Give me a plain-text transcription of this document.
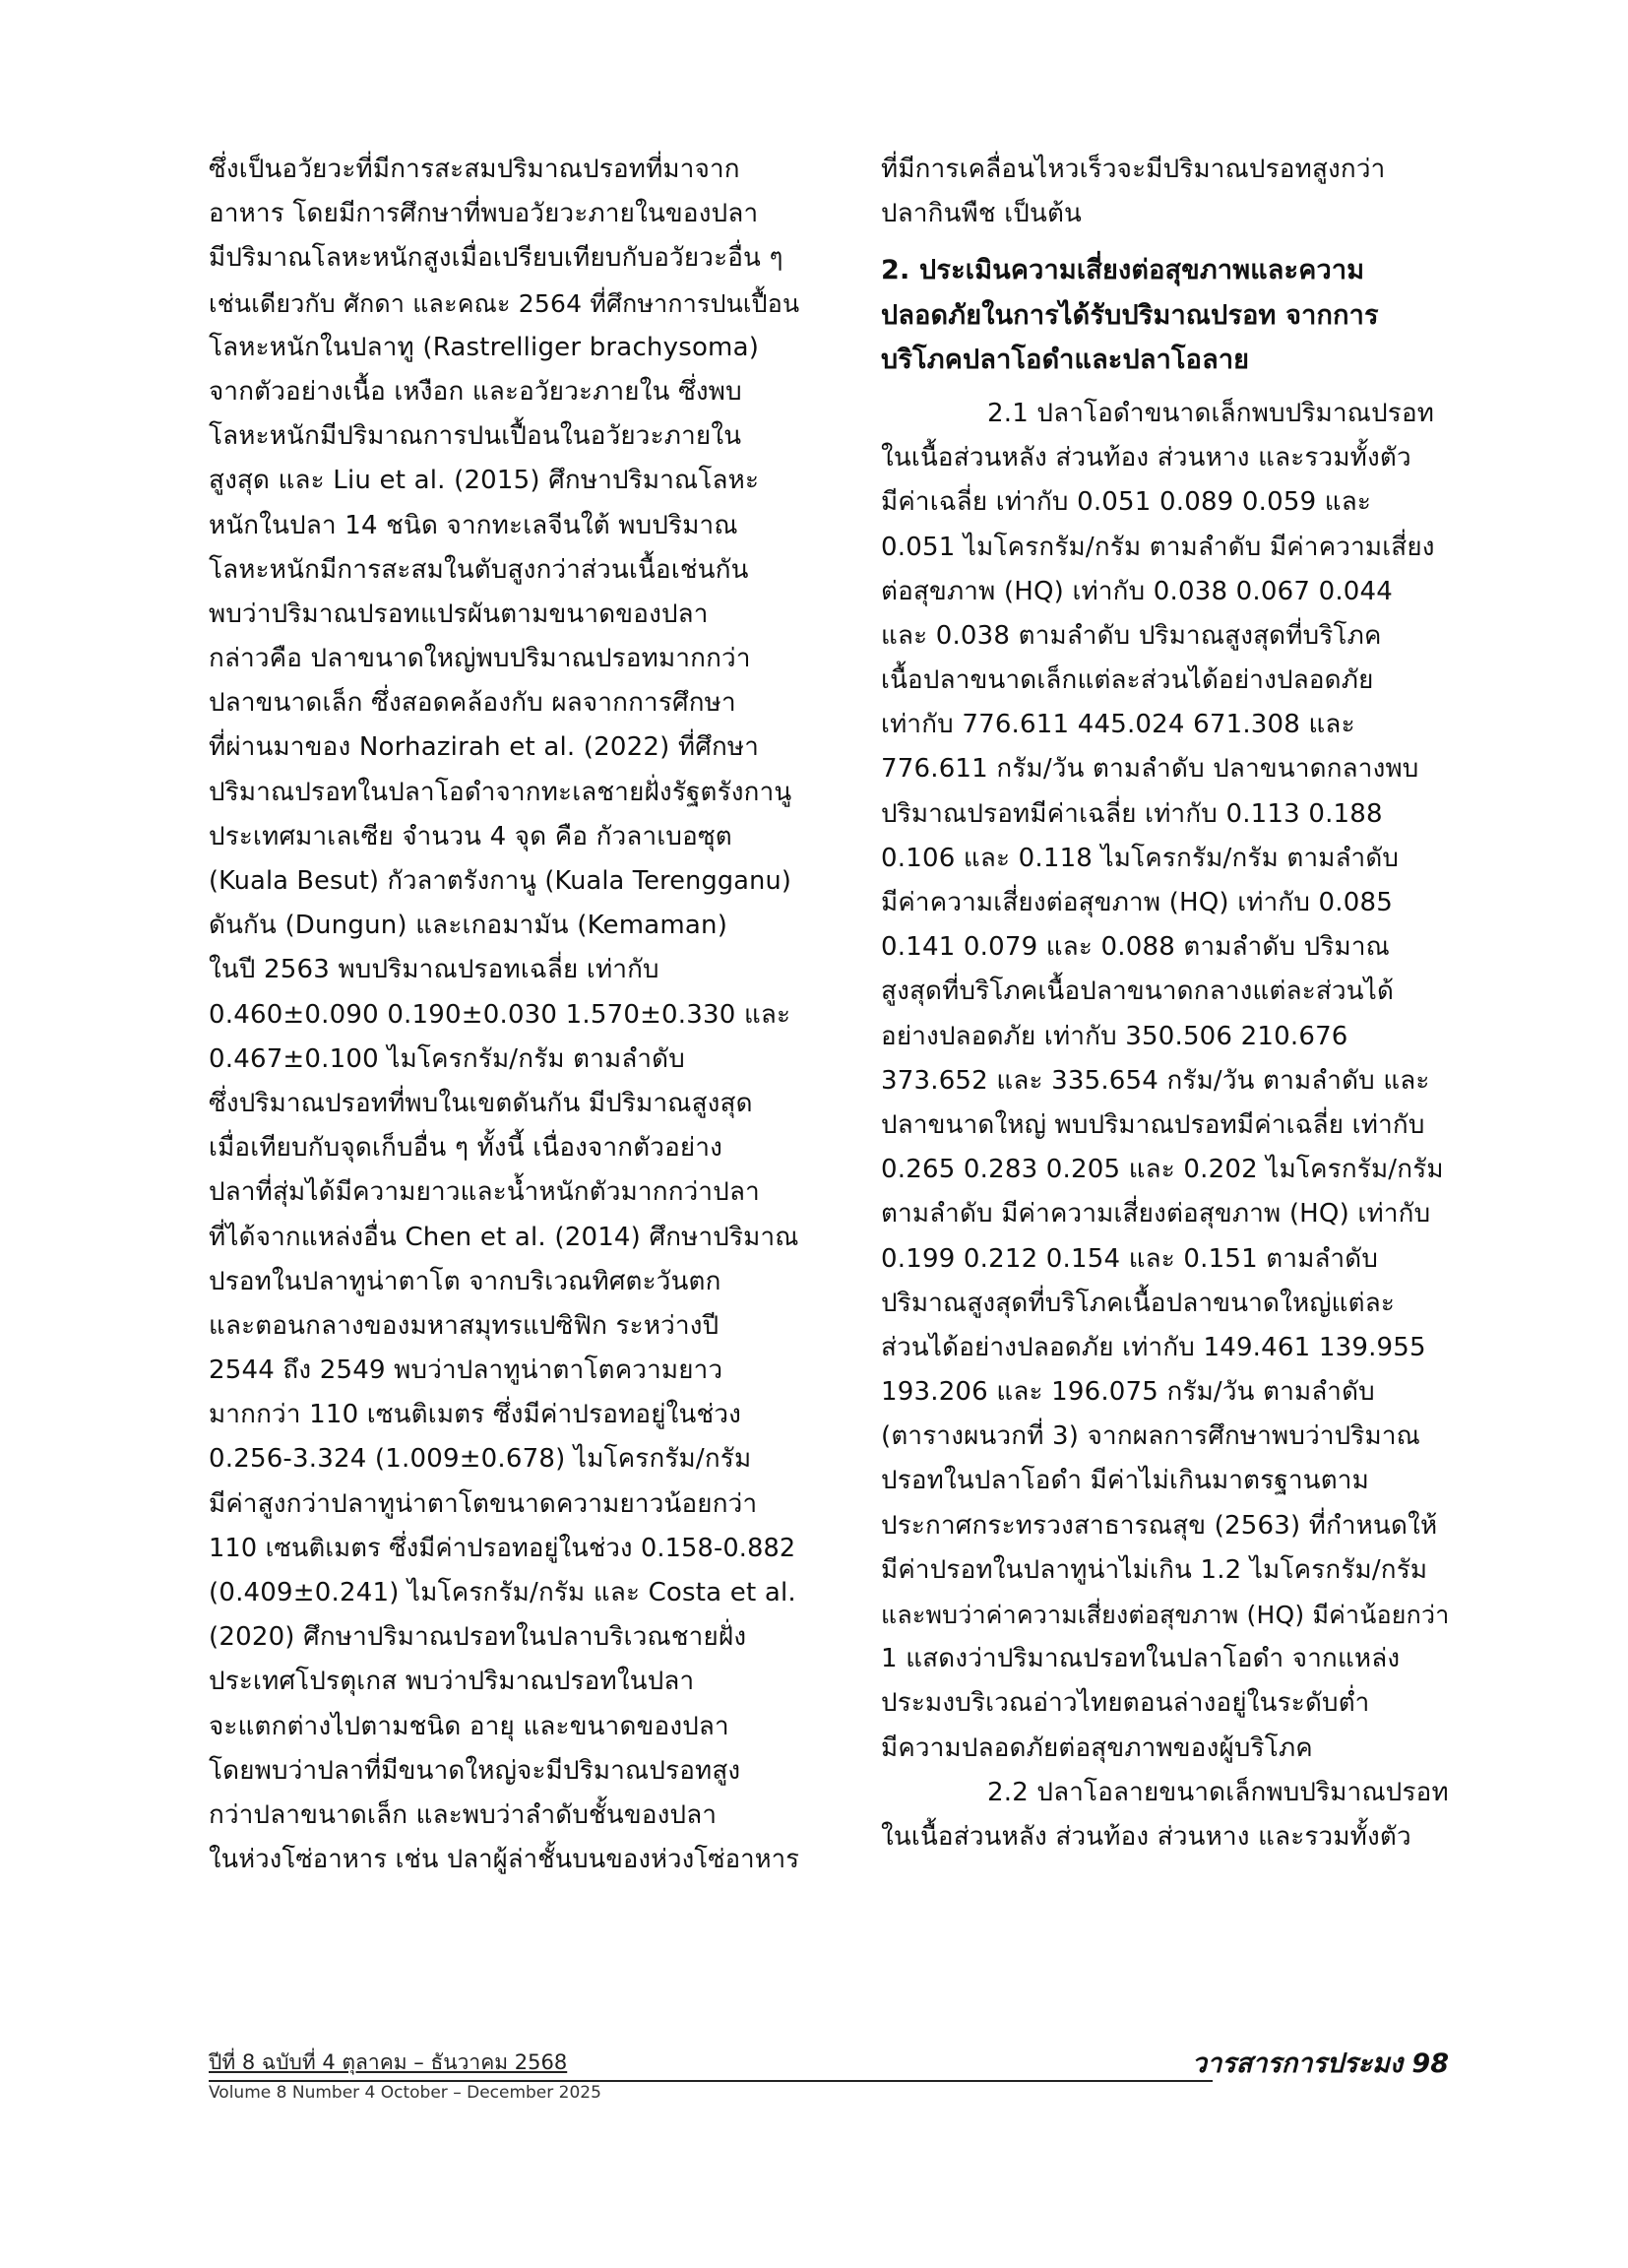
ซึ่งเป็นอวัยวะที่มีการสะสมปริมาณปรอทที่มาจาก
อาหาร โดยมีการศึกษาที่พบอวัยวะภายในของปลา
มีปริมาณโลหะหนักสูงเมื่อเปรียบเทียบกับอวัยวะอื่น ๆ
เช่นเดียวกับ ศักดา และคณะ 2564 ที่ศึกษาการปนเปื้อน
โลหะหนักในปลาทู (Rastrelliger brachysoma)
จากตัวอย่างเนื้อ เหงือก และอวัยวะภายใน ซึ่งพบ
โลหะหนักมีปริมาณการปนเปื้อนในอวัยวะภายใน
สูงสุด และ Liu et al. (2015) ศึกษาปริมาณโลหะ
หนักในปลา 14 ชนิด จากทะเลจีนใต้ พบปริมาณ
โลหะหนักมีการสะสมในตับสูงกว่าส่วนเนื้อเช่นกัน
พบว่าปริมาณปรอทแปรผันตามขนาดของปลา
กล่าวคือ ปลาขนาดใหญ่พบปริมาณปรอทมากกว่า
ปลาขนาดเล็ก ซึ่งสอดคล้องกับ ผลจากการศึกษา
ที่ผ่านมาของ Norhazirah et al. (2022) ที่ศึกษา
ปริมาณปรอทในปลาโอดำจากทะเลชายฝั่งรัฐตรังกานู
ประเทศมาเลเซีย จำนวน 4 จุด คือ กัวลาเบอซุต
(Kuala Besut) กัวลาตรังกานู (Kuala Terengganu)
ดันกัน (Dungun) และเกอมามัน (Kemaman)
ในปี 2563 พบปริมาณปรอทเฉลี่ย เท่ากับ
0.460±0.090 0.190±0.030 1.570±0.330 และ
0.467±0.100 ไมโครกรัม/กรัม ตามลำดับ
ซึ่งปริมาณปรอทที่พบในเขตดันกัน มีปริมาณสูงสุด
เมื่อเทียบกับจุดเก็บอื่น ๆ ทั้งนี้ เนื่องจากตัวอย่าง
ปลาที่สุ่มได้มีความยาวและน้ำหนักตัวมากกว่าปลา
ที่ได้จากแหล่งอื่น Chen et al. (2014) ศึกษาปริมาณ
ปรอทในปลาทูน่าตาโต จากบริเวณทิศตะวันตก
และตอนกลางของมหาสมุทรแปซิฟิก ระหว่างปี
2544 ถึง 2549 พบว่าปลาทูน่าตาโตความยาว
มากกว่า 110 เซนติเมตร ซึ่งมีค่าปรอทอยู่ในช่วง
0.256-3.324 (1.009±0.678) ไมโครกรัม/กรัม
มีค่าสูงกว่าปลาทูน่าตาโตขนาดความยาวน้อยกว่า
110 เซนติเมตร ซึ่งมีค่าปรอทอยู่ในช่วง 0.158-0.882
(0.409±0.241) ไมโครกรัม/กรัม และ Costa et al.
(2020) ศึกษาปริมาณปรอทในปลาบริเวณชายฝั่ง
ประเทศโปรตุเกส พบว่าปริมาณปรอทในปลา
จะแตกต่างไปตามชนิด อายุ และขนาดของปลา
โดยพบว่าปลาที่มีขนาดใหญ่จะมีปริมาณปรอทสูง
กว่าปลาขนาดเล็ก และพบว่าลำดับชั้นของปลา
ในห่วงโซ่อาหาร เช่น ปลาผู้ล่าชั้นบนของห่วงโซ่อาหาร
ที่มีการเคลื่อนไหวเร็วจะมีปริมาณปรอทสูงกว่า
ปลากินพืช เป็นต้น
2. ประเมินความเสี่ยงต่อสุขภาพและความ
ปลอดภัยในการได้รับปริมาณปรอท จากการ
บริโภคปลาโอดำและปลาโอลาย
2.1 ปลาโอดำขนาดเล็กพบปริมาณปรอท
ในเนื้อส่วนหลัง ส่วนท้อง ส่วนหาง และรวมทั้งตัว
มีค่าเฉลี่ย เท่ากับ 0.051 0.089 0.059 และ
0.051 ไมโครกรัม/กรัม ตามลำดับ มีค่าความเสี่ยง
ต่อสุขภาพ (HQ) เท่ากับ 0.038 0.067 0.044
และ 0.038 ตามลำดับ ปริมาณสูงสุดที่บริโภค
เนื้อปลาขนาดเล็กแต่ละส่วนได้อย่างปลอดภัย
เท่ากับ 776.611 445.024 671.308 และ
776.611 กรัม/วัน ตามลำดับ ปลาขนาดกลางพบ
ปริมาณปรอทมีค่าเฉลี่ย เท่ากับ 0.113 0.188
0.106 และ 0.118 ไมโครกรัม/กรัม ตามลำดับ
มีค่าความเสี่ยงต่อสุขภาพ (HQ) เท่ากับ 0.085
0.141 0.079 และ 0.088 ตามลำดับ ปริมาณ
สูงสุดที่บริโภคเนื้อปลาขนาดกลางแต่ละส่วนได้
อย่างปลอดภัย เท่ากับ 350.506 210.676
373.652 และ 335.654 กรัม/วัน ตามลำดับ และ
ปลาขนาดใหญ่ พบปริมาณปรอทมีค่าเฉลี่ย เท่ากับ
0.265 0.283 0.205 และ 0.202 ไมโครกรัม/กรัม
ตามลำดับ มีค่าความเสี่ยงต่อสุขภาพ (HQ) เท่ากับ
0.199 0.212 0.154 และ 0.151 ตามลำดับ
ปริมาณสูงสุดที่บริโภคเนื้อปลาขนาดใหญ่แต่ละ
ส่วนได้อย่างปลอดภัย เท่ากับ 149.461 139.955
193.206 และ 196.075 กรัม/วัน ตามลำดับ
(ตารางผนวกที่ 3) จากผลการศึกษาพบว่าปริมาณ
ปรอทในปลาโอดำ มีค่าไม่เกินมาตรฐานตาม
ประกาศกระทรวงสาธารณสุข (2563) ที่กำหนดให้
มีค่าปรอทในปลาทูน่าไม่เกิน 1.2 ไมโครกรัม/กรัม
และพบว่าค่าความเสี่ยงต่อสุขภาพ (HQ) มีค่าน้อยกว่า
1 แสดงว่าปริมาณปรอทในปลาโอดำ จากแหล่ง
ประมงบริเวณอ่าวไทยตอนล่างอยู่ในระดับต่ำ
มีความปลอดภัยต่อสุขภาพของผู้บริโภค
2.2 ปลาโอลายขนาดเล็กพบปริมาณปรอท
ในเนื้อส่วนหลัง ส่วนท้อง ส่วนหาง และรวมทั้งตัว
ปีที่ 8 ฉบับที่ 4 ตุลาคม – ธันวาคม 2568
Volume 8 Number 4 October – December 2025
วารสารการประมง 98
